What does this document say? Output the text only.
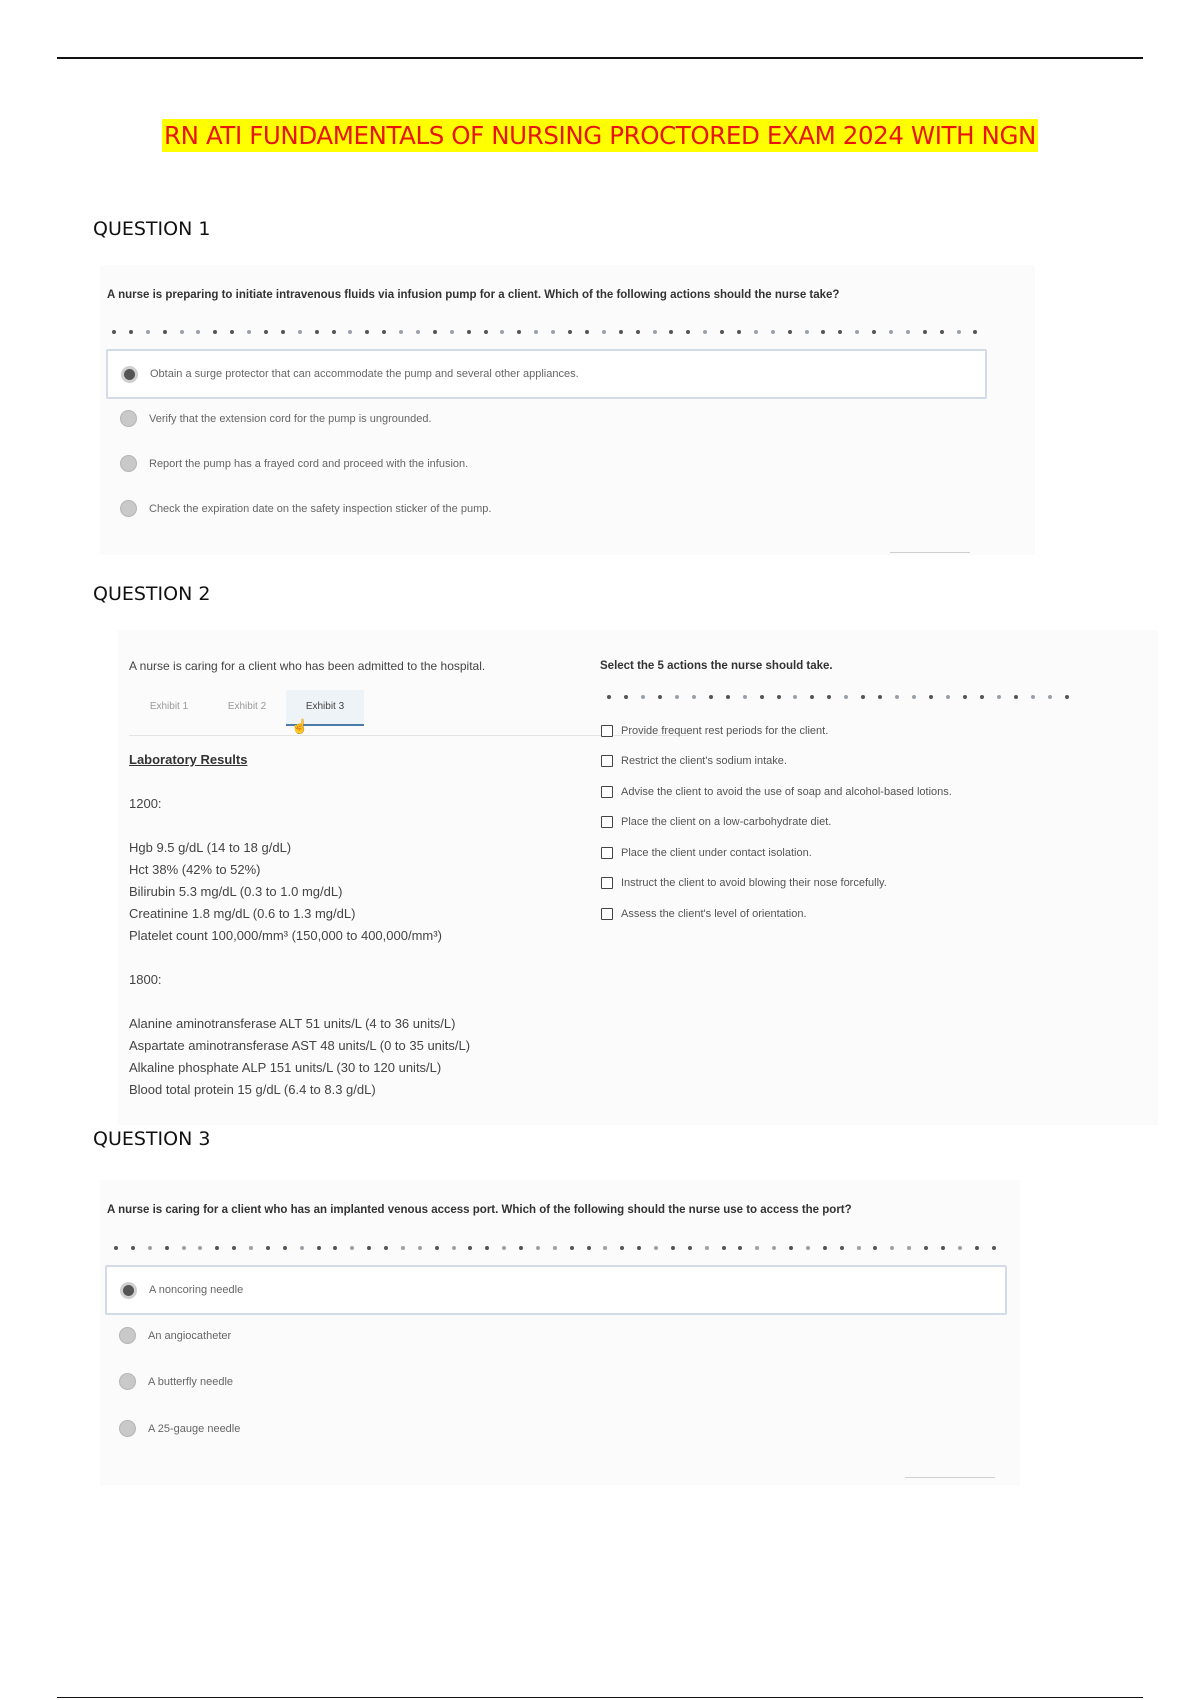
RN ATI FUNDAMENTALS OF NURSING PROCTORED EXAM 2024 WITH NGN
QUESTION 1
A nurse is preparing to initiate intravenous fluids via infusion pump for a client. Which of the following actions should the nurse take?
Obtain a surge protector that can accommodate the pump and several other appliances.
Verify that the extension cord for the pump is ungrounded.
Report the pump has a frayed cord and proceed with the infusion.
Check the expiration date on the safety inspection sticker of the pump.
QUESTION 2
A nurse is caring for a client who has been admitted to the hospital.
Exhibit 1	Exhibit 2	Exhibit 3
☝
Laboratory Results
1200:
Hgb 9.5 g/dL (14 to 18 g/dL)
Hct 38% (42% to 52%)
Bilirubin 5.3 mg/dL (0.3 to 1.0 mg/dL)
Creatinine 1.8 mg/dL (0.6 to 1.3 mg/dL)
Platelet count 100,000/mm³ (150,000 to 400,000/mm³)
1800:
Alanine aminotransferase ALT 51 units/L (4 to 36 units/L)
Aspartate aminotransferase AST 48 units/L (0 to 35 units/L)
Alkaline phosphate ALP 151 units/L (30 to 120 units/L)
Blood total protein 15 g/dL (6.4 to 8.3 g/dL)
Select the 5 actions the nurse should take.
Provide frequent rest periods for the client.
Restrict the client's sodium intake.
Advise the client to avoid the use of soap and alcohol-based lotions.
Place the client on a low-carbohydrate diet.
Place the client under contact isolation.
Instruct the client to avoid blowing their nose forcefully.
Assess the client's level of orientation.
QUESTION 3
A nurse is caring for a client who has an implanted venous access port. Which of the following should the nurse use to access the port?
A noncoring needle
An angiocatheter
A butterfly needle
A 25-gauge needle
